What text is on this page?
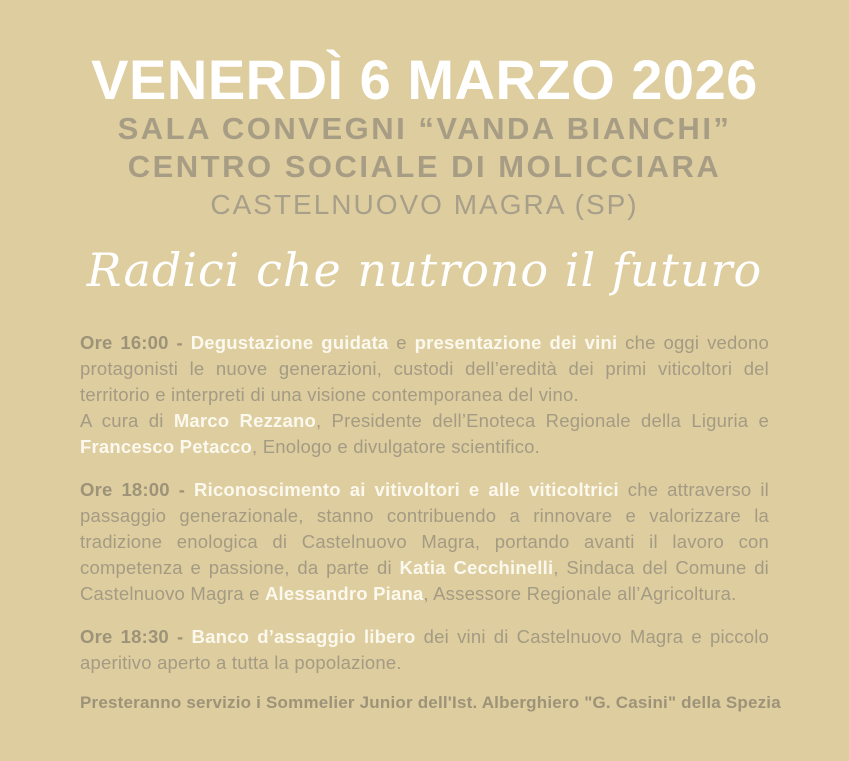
VENERDÌ 6 MARZO 2026
SALA CONVEGNI “VANDA BIANCHI”
CENTRO SOCIALE DI MOLICCIARA
CASTELNUOVO MAGRA (SP)
Radici che nutrono il futuro

Ore 16:00 - Degustazione guidata e presentazione dei vini che oggi vedono protagonisti le nuove generazioni, custodi dell’eredità dei primi viticoltori del territorio e interpreti di una visione contemporanea del vino.

A cura di Marco Rezzano, Presidente dell’Enoteca Regionale della Liguria e Francesco Petacco, Enologo e divulgatore scientifico.

Ore 18:00 - Riconoscimento ai vitivoltori e alle viticoltrici che attraverso il passaggio generazionale, stanno contribuendo a rinnovare e valorizzare la tradizione enologica di Castelnuovo Magra, portando avanti il lavoro con competenza e passione, da parte di Katia Cecchinelli, Sindaca del Comune di Castelnuovo Magra e Alessandro Piana, Assessore Regionale all’Agricoltura.

Ore 18:30 - Banco d’assaggio libero dei vini di Castelnuovo Magra e piccolo aperitivo aperto a tutta la popolazione.

Presteranno servizio i Sommelier Junior dell'Ist. Alberghiero "G. Casini" della Spezia
